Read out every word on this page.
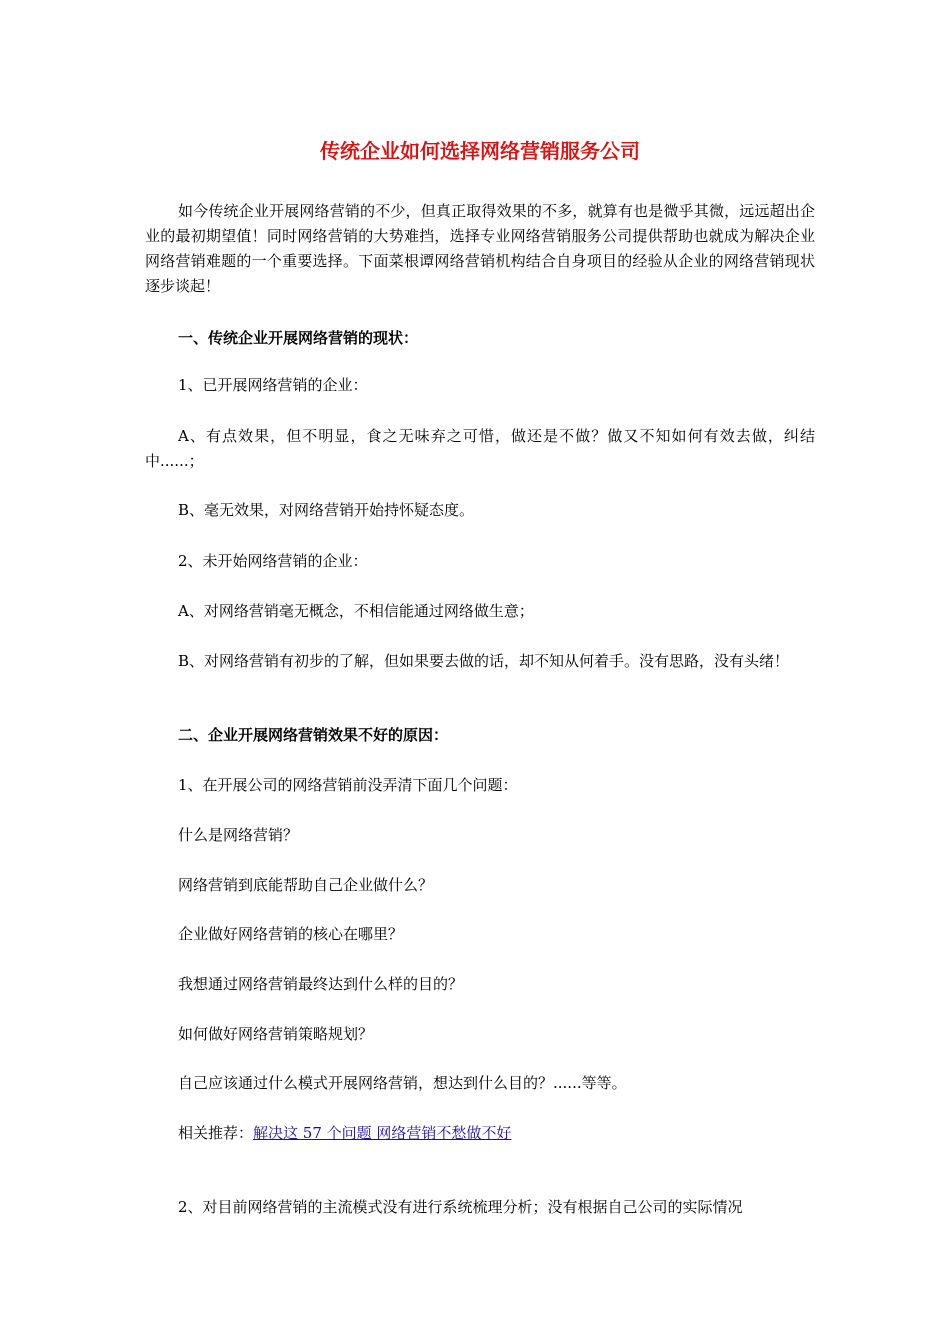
传统企业如何选择网络营销服务公司

如今传统企业开展网络营销的不少，但真正取得效果的不多，就算有也是微乎其微，远远超出企业的最初期望值！同时网络营销的大势难挡，选择专业网络营销服务公司提供帮助也就成为解决企业网络营销难题的一个重要选择。下面菜根谭网络营销机构结合自身项目的经验从企业的网络营销现状逐步谈起！

一、传统企业开展网络营销的现状：

1、已开展网络营销的企业：

A、有点效果，但不明显，食之无味弃之可惜，做还是不做？做又不知如何有效去做，纠结中......；

B、毫无效果，对网络营销开始持怀疑态度。

2、未开始网络营销的企业：

A、对网络营销毫无概念，不相信能通过网络做生意；

B、对网络营销有初步的了解，但如果要去做的话，却不知从何着手。没有思路，没有头绪！

二、企业开展网络营销效果不好的原因：

1、在开展公司的网络营销前没弄清下面几个问题：

什么是网络营销？

网络营销到底能帮助自己企业做什么？

企业做好网络营销的核心在哪里？

我想通过网络营销最终达到什么样的目的？

如何做好网络营销策略规划？

自己应该通过什么模式开展网络营销，想达到什么目的？......等等。

相关推荐：解决这 57 个问题 网络营销不愁做不好

2、对目前网络营销的主流模式没有进行系统梳理分析；没有根据自己公司的实际情况
